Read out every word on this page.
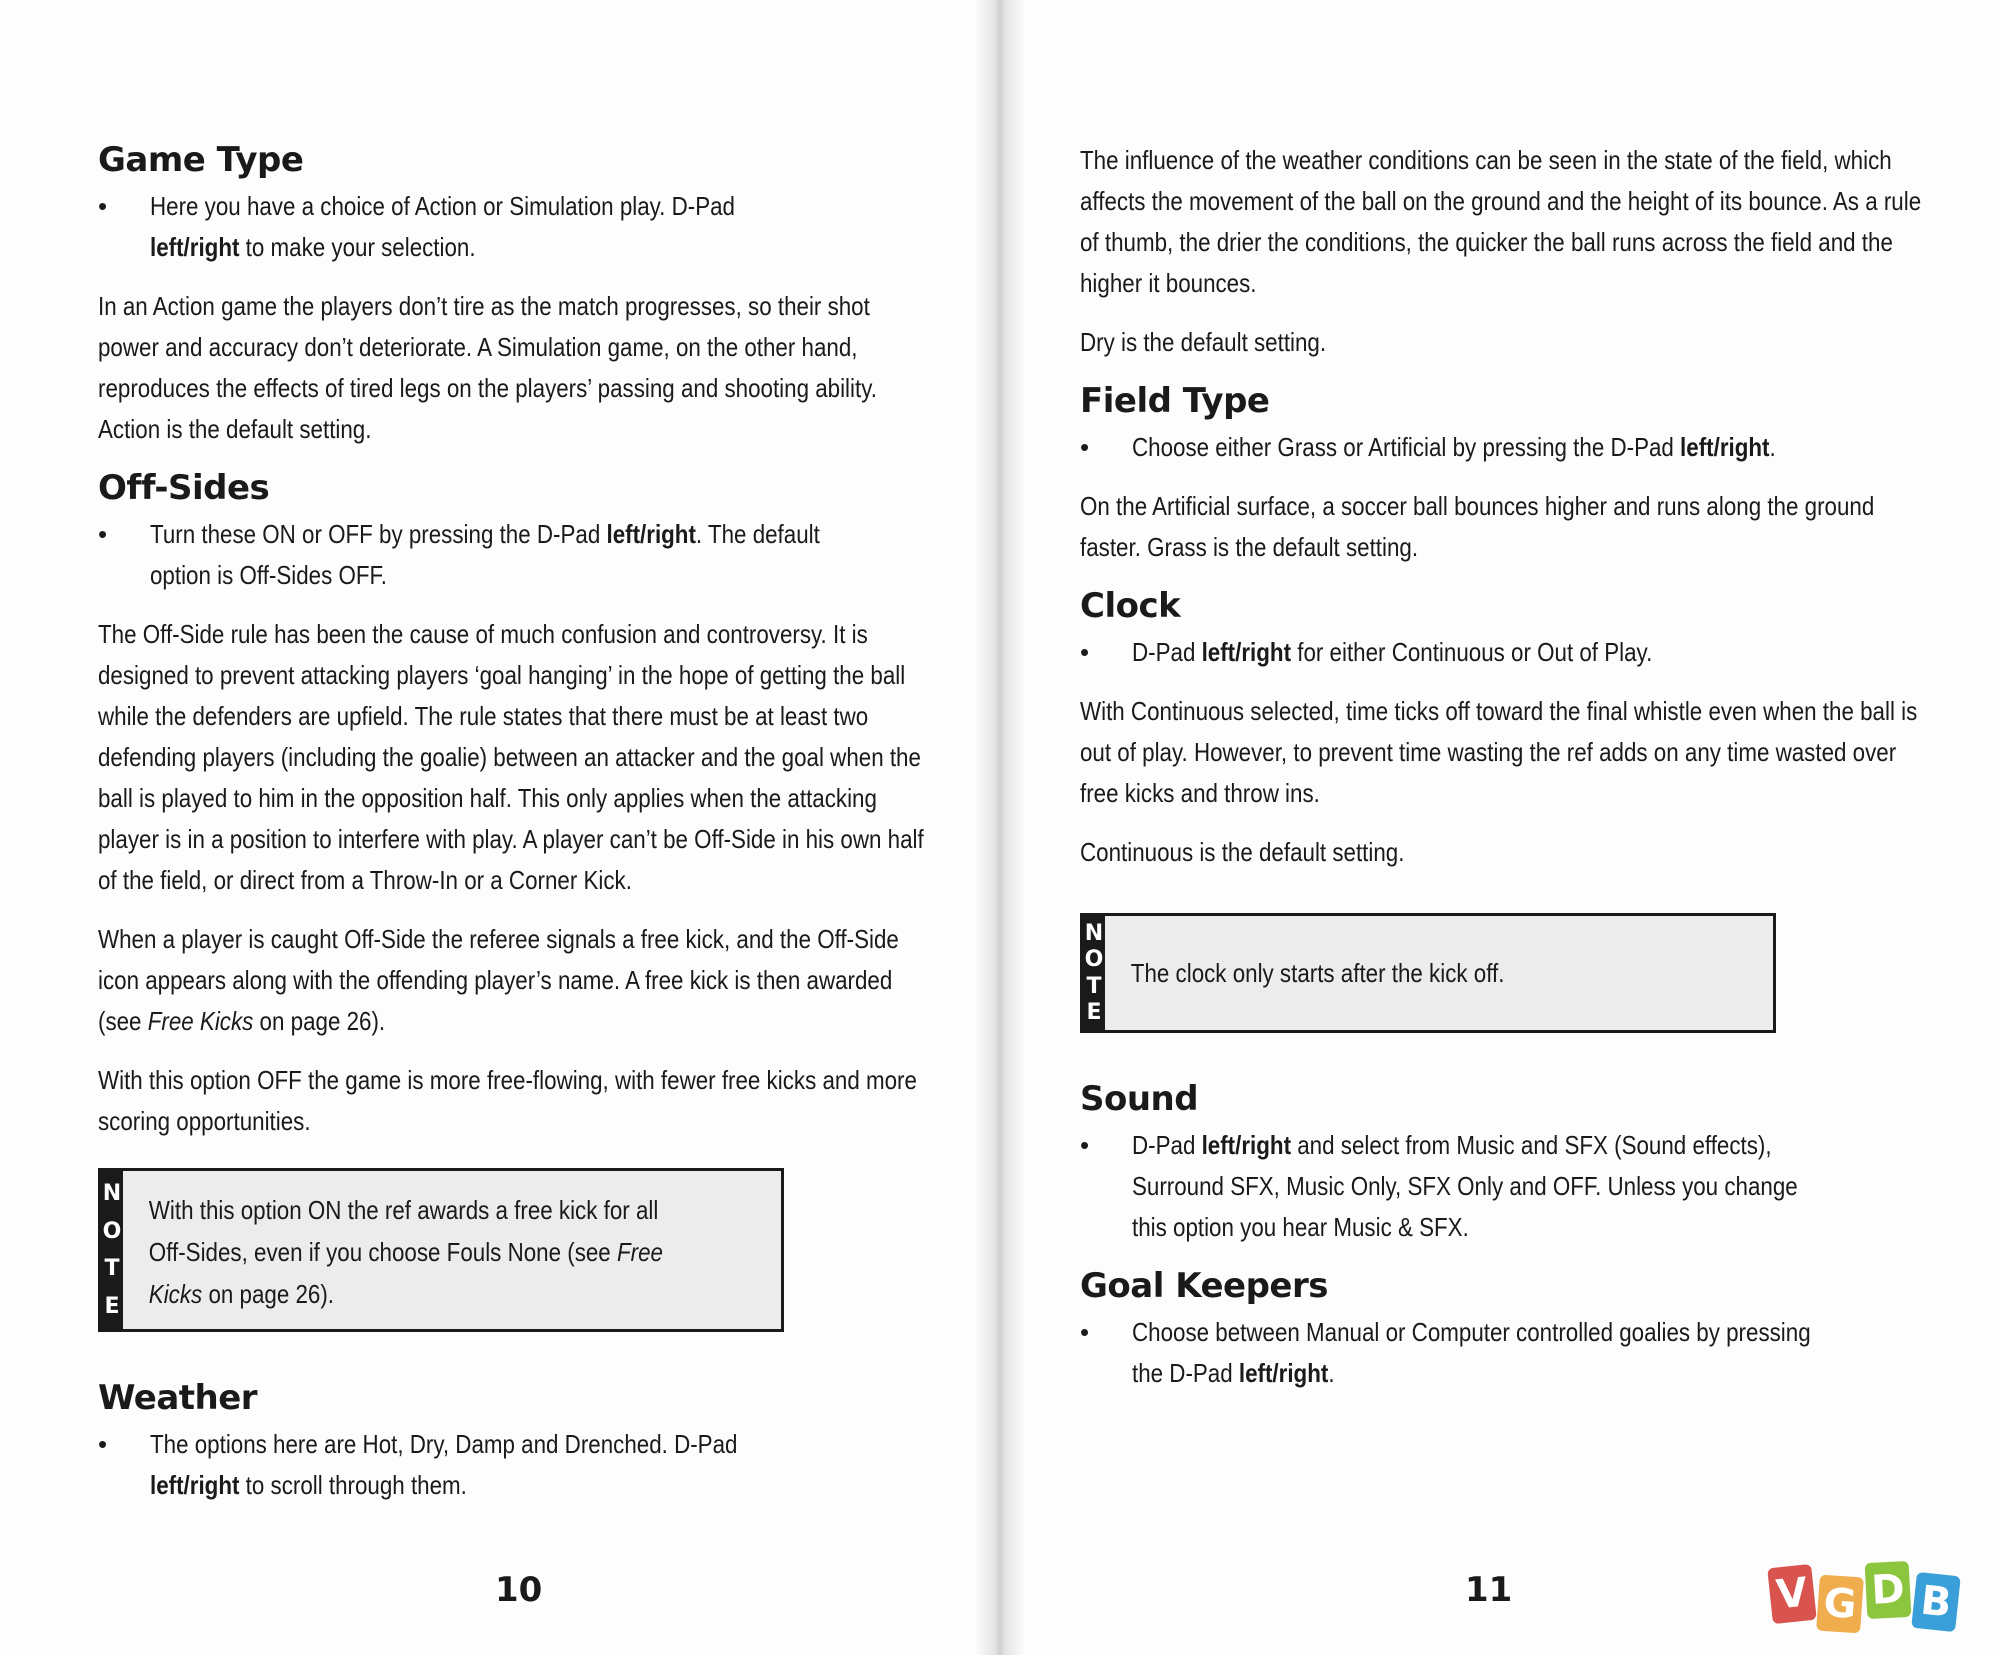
Game Type
•	Here you have a choice of Action or Simulation play. D-Pad left/right to make your selection.

In an Action game the players don’t tire as the match progresses, so their shot power and accuracy don’t deteriorate. A Simulation game, on the other hand, reproduces the effects of tired legs on the players’ passing and shooting ability. Action is the default setting.

Off-Sides
•	Turn these ON or OFF by pressing the D-Pad left/right. The default option is Off-Sides OFF.

The Off-Side rule has been the cause of much confusion and controversy. It is designed to prevent attacking players ‘goal hanging’ in the hope of getting the ball while the defenders are upfield. The rule states that there must be at least two defending players (including the goalie) between an attacker and the goal when the ball is played to him in the opposition half. This only applies when the attacking player is in a position to interfere with play. A player can’t be Off-Side in his own half of the field, or direct from a Throw-In or a Corner Kick.

When a player is caught Off-Side the referee signals a free kick, and the Off-Side icon appears along with the offending player’s name. A free kick is then awarded (see Free Kicks on page 26).

With this option OFF the game is more free-flowing, with fewer free kicks and more scoring opportunities.

N
O
T
E
With this option ON the ref awards a free kick for all Off-Sides, even if you choose Fouls None (see Free Kicks on page 26).
Weather
•	The options here are Hot, Dry, Damp and Drenched. D-Pad left/right to scroll through them.
10

The influence of the weather conditions can be seen in the state of the field, which affects the movement of the ball on the ground and the height of its bounce. As a rule of thumb, the drier the conditions, the quicker the ball runs across the field and the higher it bounces.

Dry is the default setting.

Field Type
•	Choose either Grass or Artificial by pressing the D-Pad left/right.

On the Artificial surface, a soccer ball bounces higher and runs along the ground faster. Grass is the default setting.

Clock
•	D-Pad left/right for either Continuous or Out of Play.

With Continuous selected, time ticks off toward the final whistle even when the ball is out of play. However, to prevent time wasting the ref adds on any time wasted over free kicks and throw ins.

Continuous is the default setting.

N
O
T
E
The clock only starts after the kick off.
Sound
•	D-Pad left/right and select from Music and SFX (Sound effects), Surround SFX, Music Only, SFX Only and OFF. Unless you change this option you hear Music & SFX.
Goal Keepers
•	Choose between Manual or Computer controlled goalies by pressing the D-Pad left/right.
11	V G D B
